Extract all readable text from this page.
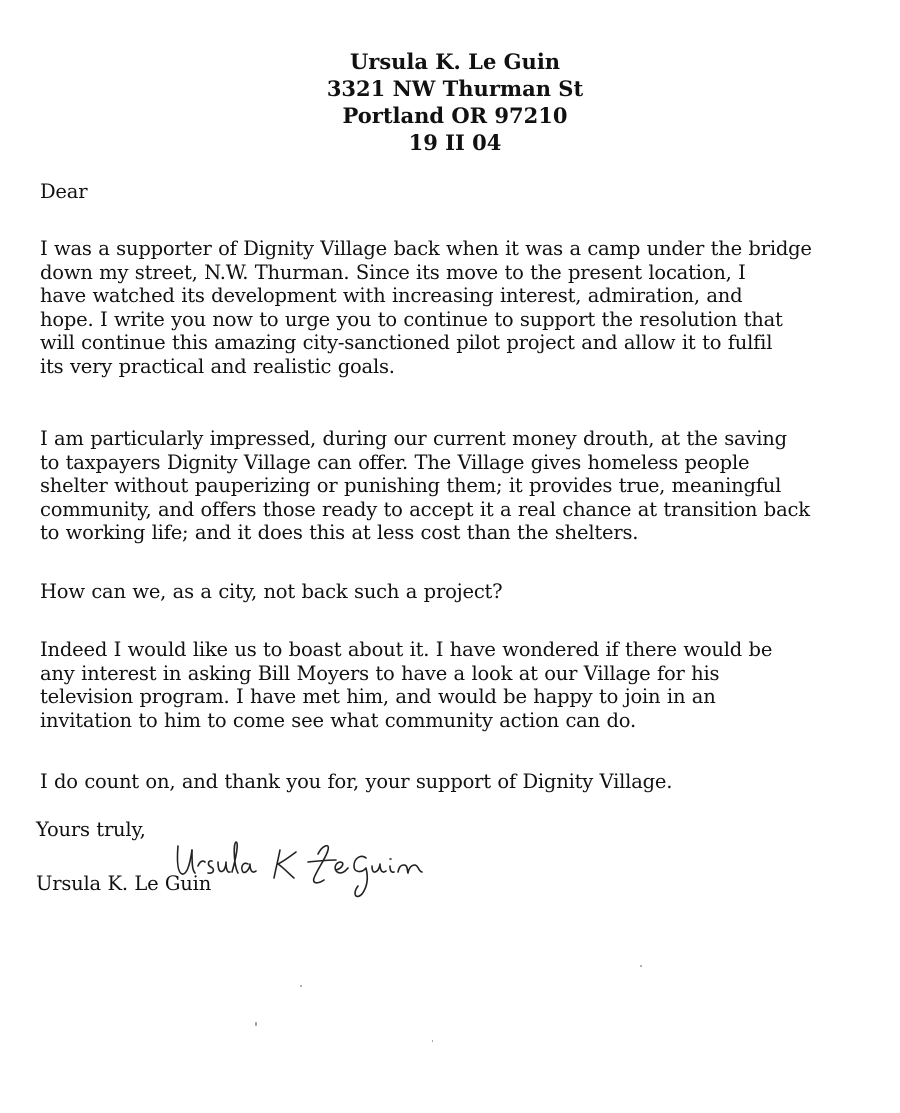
Ursula K. Le Guin
3321 NW Thurman St
Portland OR 97210
19 II 04
Dear
I was a supporter of Dignity Village back when it was a camp under the bridge
down my street, N.W. Thurman. Since its move to the present location, I
have watched its development with increasing interest, admiration, and
hope. I write you now to urge you to continue to support the resolution that
will continue this amazing city-sanctioned pilot project and allow it to fulfil
its very practical and realistic goals.
I am particularly impressed, during our current money drouth, at the saving
to taxpayers Dignity Village can offer. The Village gives homeless people
shelter without pauperizing or punishing them; it provides true, meaningful
community, and offers those ready to accept it a real chance at transition back
to working life; and it does this at less cost than the shelters.
How can we, as a city, not back such a project?
Indeed I would like us to boast about it. I have wondered if there would be
any interest in asking Bill Moyers to have a look at our Village for his
television program. I have met him, and would be happy to join in an
invitation to him to come see what community action can do.
I do count on, and thank you for, your support of Dignity Village.
Yours truly,
Ursula K. Le Guin
